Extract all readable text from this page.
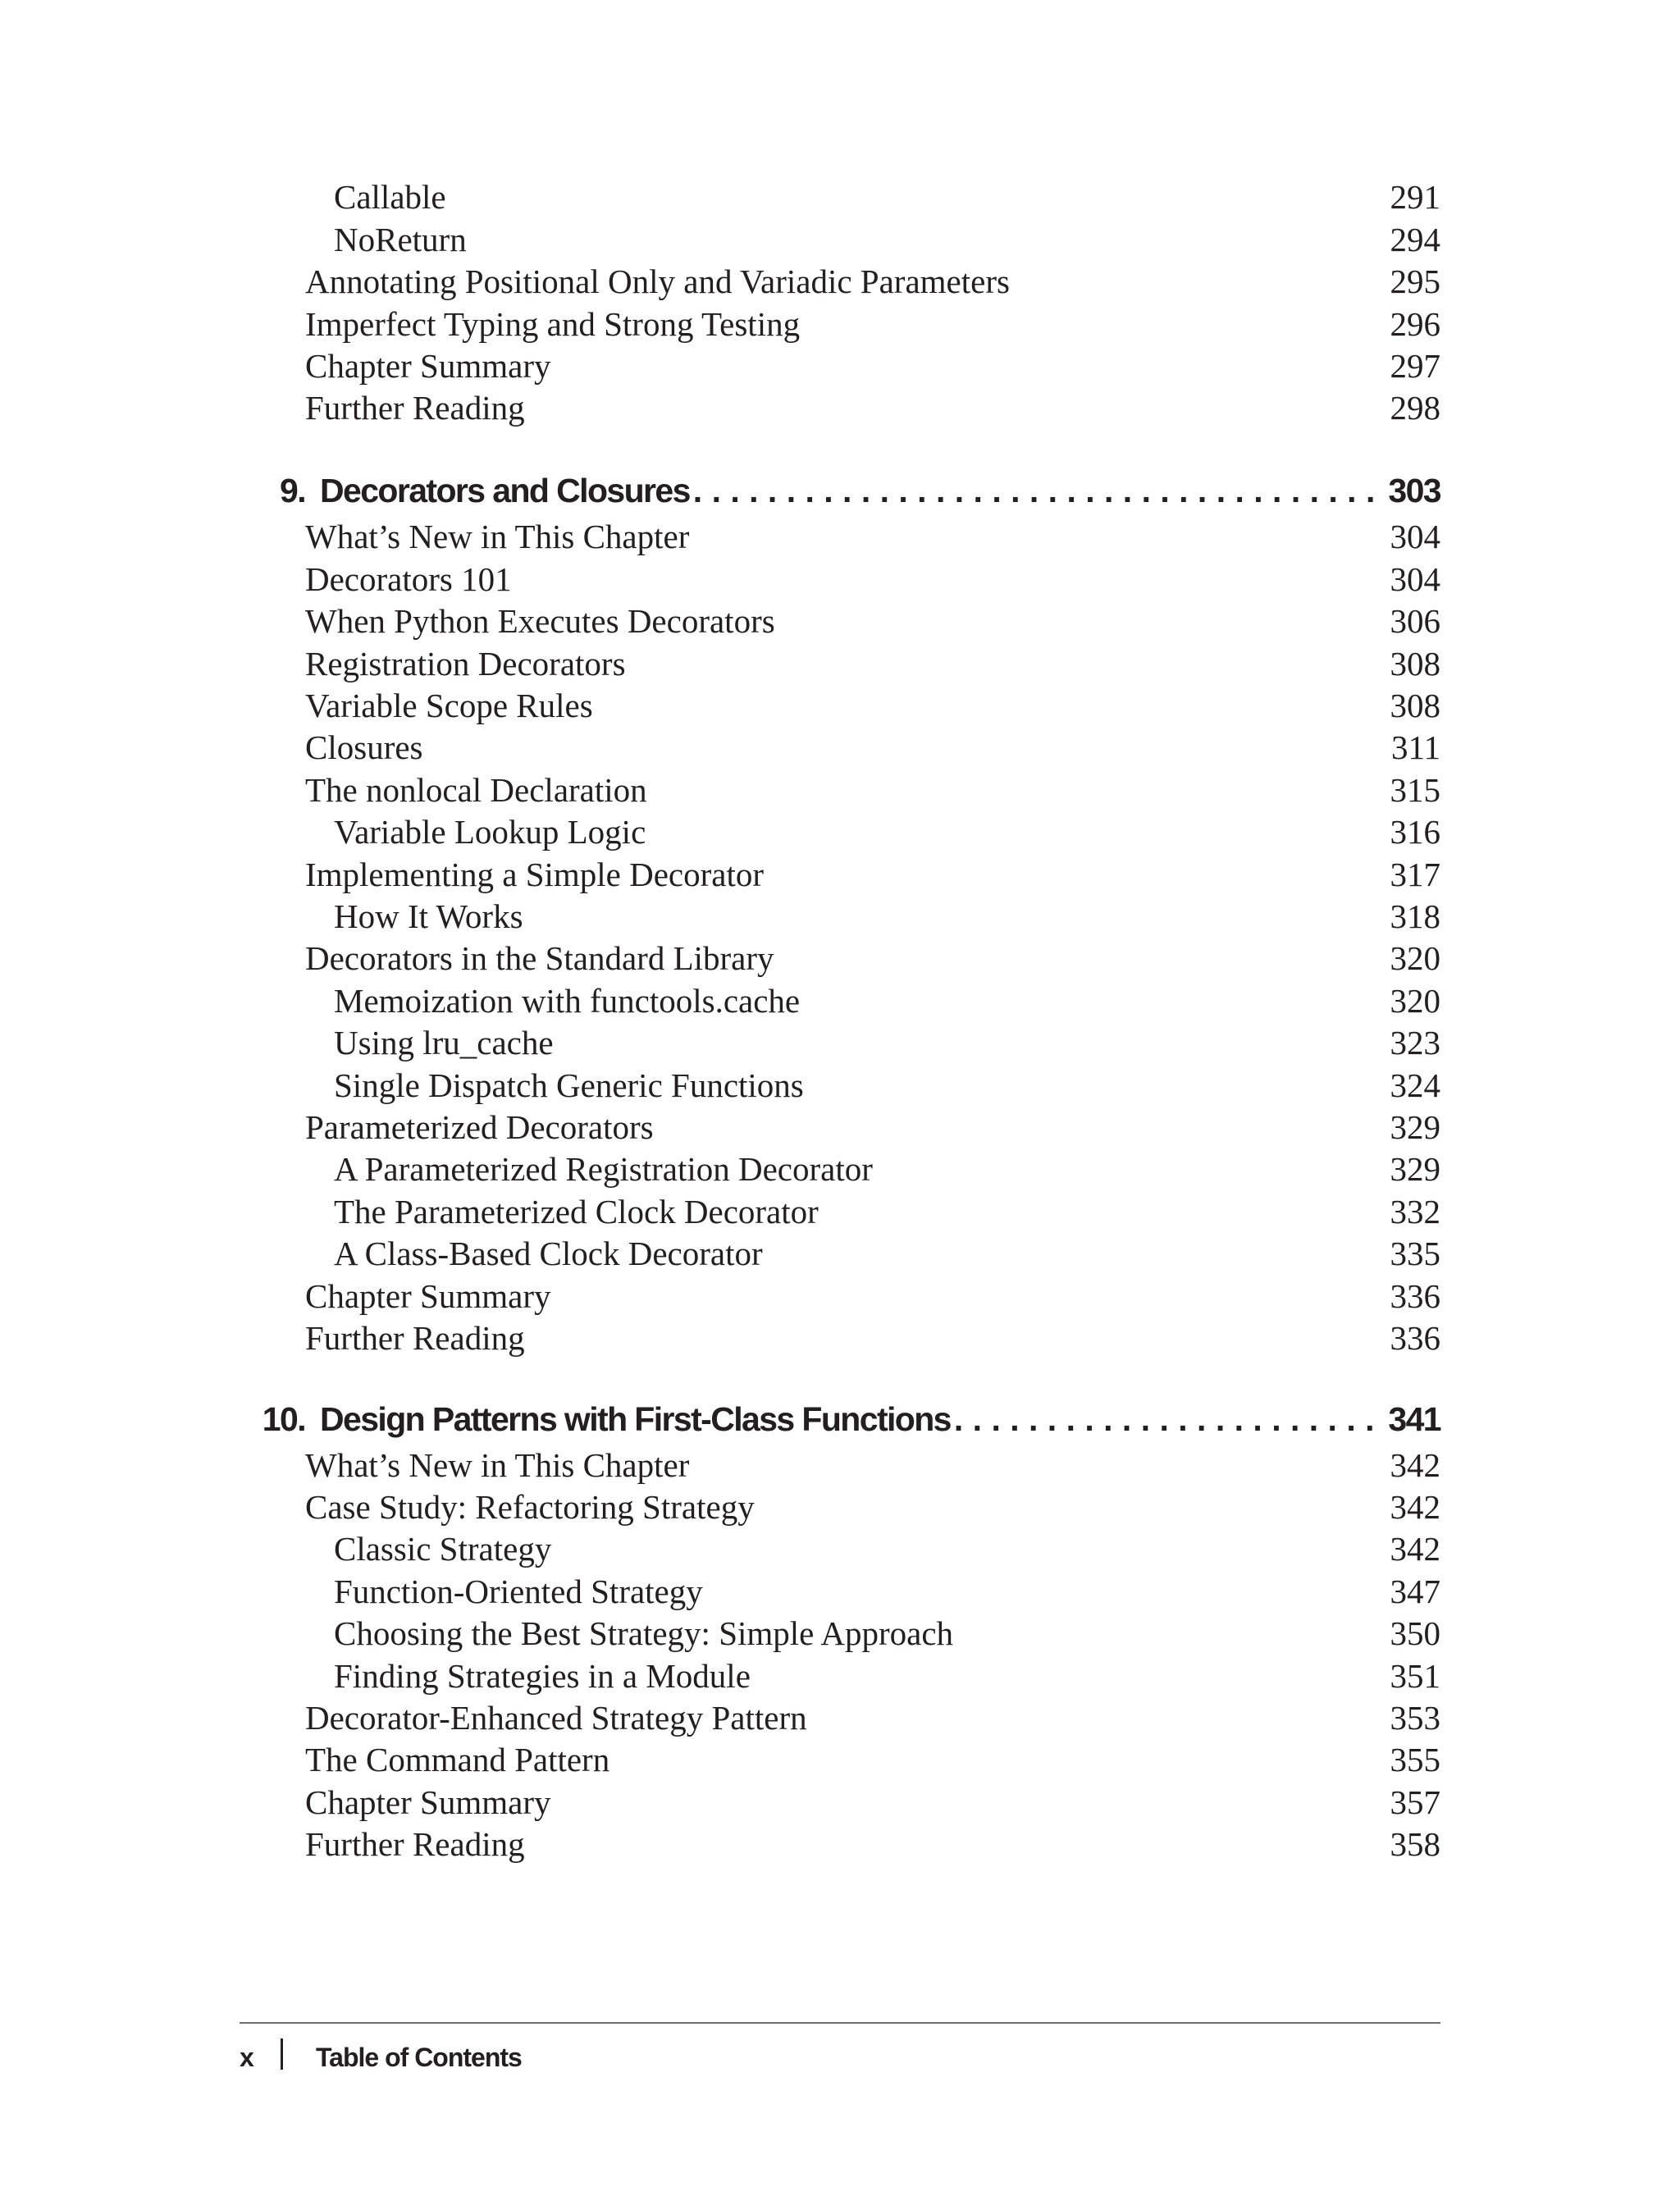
Callable	291
NoReturn	294
Annotating Positional Only and Variadic Parameters	295
Imperfect Typing and Strong Testing	296
Chapter Summary	297
Further Reading	298
9. Decorators and Closures . . .	303
What’s New in This Chapter	304
Decorators 101	304
When Python Executes Decorators	306
Registration Decorators	308
Variable Scope Rules	308
Closures	311
The nonlocal Declaration	315
Variable Lookup Logic	316
Implementing a Simple Decorator	317
How It Works	318
Decorators in the Standard Library	320
Memoization with functools.cache	320
Using lru_cache	323
Single Dispatch Generic Functions	324
Parameterized Decorators	329
A Parameterized Registration Decorator	329
The Parameterized Clock Decorator	332
A Class-Based Clock Decorator	335
Chapter Summary	336
Further Reading	336
10. Design Patterns with First-Class Functions . . .	341
What’s New in This Chapter	342
Case Study: Refactoring Strategy	342
Classic Strategy	342
Function-Oriented Strategy	347
Choosing the Best Strategy: Simple Approach	350
Finding Strategies in a Module	351
Decorator-Enhanced Strategy Pattern	353
The Command Pattern	355
Chapter Summary	357
Further Reading	358
x Table of Contents
